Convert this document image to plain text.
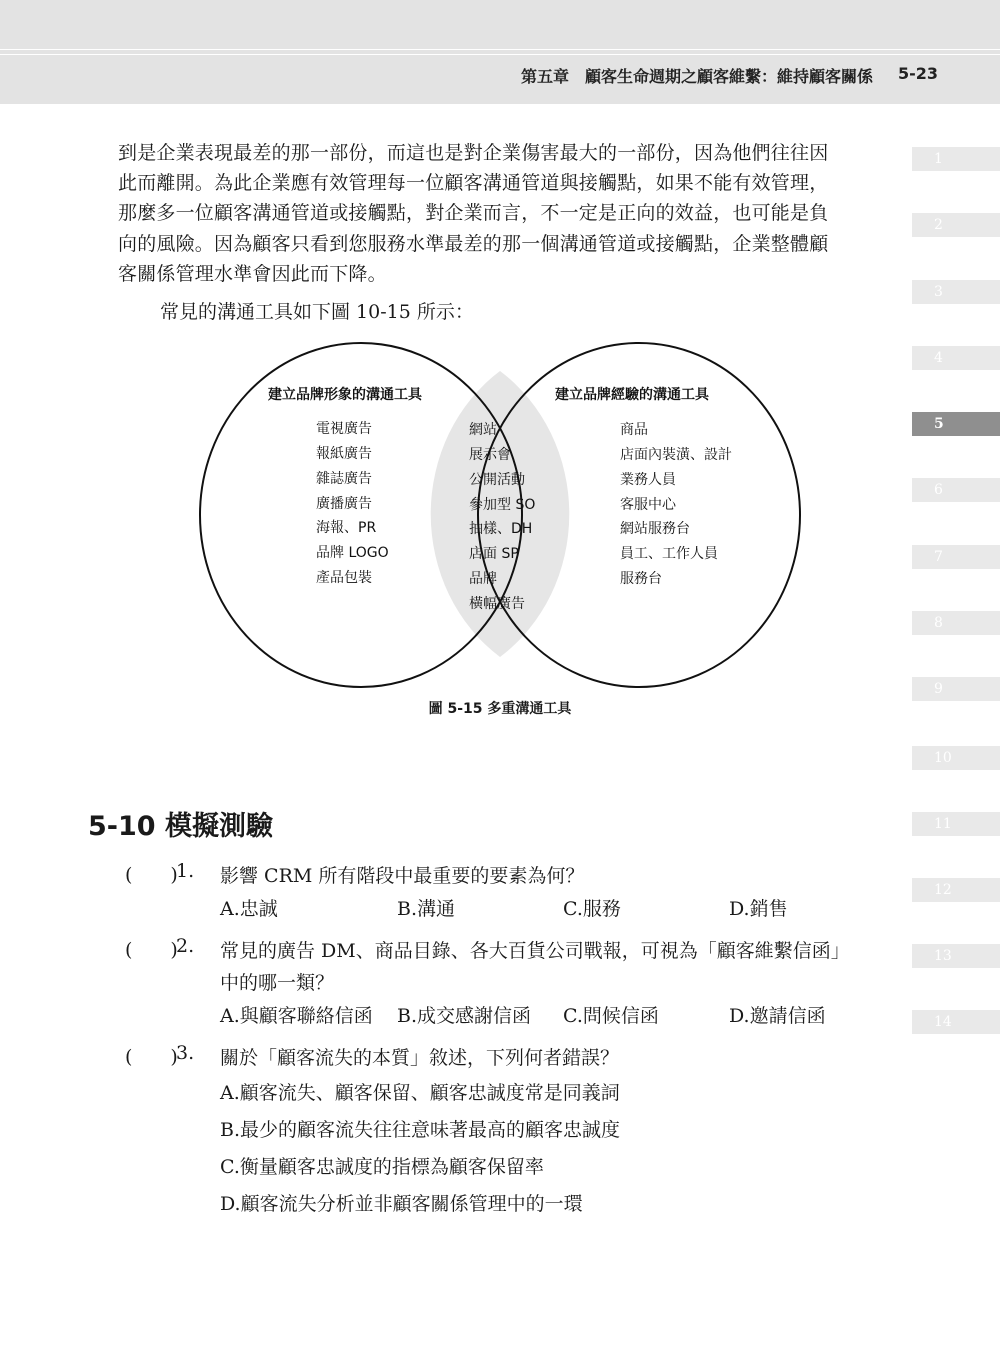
第五章　顧客生命週期之顧客維繫：維持顧客關係 5-23
1
2
3
4
5
6
7
8
9
10
11
12
13
14
到是企業表現最差的那一部份，而這也是對企業傷害最大的一部份，因為他們往往因
此而離開。為此企業應有效管理每一位顧客溝通管道與接觸點，如果不能有效管理，
那麼多一位顧客溝通管道或接觸點，對企業而言，不一定是正向的效益，也可能是負
向的風險。因為顧客只看到您服務水準最差的那一個溝通管道或接觸點，企業整體顧
客關係管理水準會因此而下降。
常見的溝通工具如下圖 10-15 所示：
建立品牌形象的溝通工具	建立品牌經驗的溝通工具
電視廣告
報紙廣告
雜誌廣告
廣播廣告
海報、PR
品牌 LOGO
產品包裝
網站
展示會
公開活動
參加型 SO
抽樣、DH
店面 SP
品牌
橫幅廣告
商品
店面內裝潢、設計
業務人員
客服中心
網站服務台
員工、工作人員
服務台
圖 5-15 多重溝通工具
5-10 模擬測驗
(　　)
1. 影響 CRM 所有階段中最重要的要素為何？
A.忠誠	B.溝通	C.服務	D.銷售
(　　)
2. 常見的廣告 DM、商品目錄、各大百貨公司戰報，可視為「顧客維繫信函」
中的哪一類？
A.與顧客聯絡信函 B.成交感謝信函 C.問候信函	D.邀請信函
(　　)
3. 關於「顧客流失的本質」敘述，下列何者錯誤？
A.顧客流失、顧客保留、顧客忠誠度常是同義詞
B.最少的顧客流失往往意味著最高的顧客忠誠度
C.衡量顧客忠誠度的指標為顧客保留率
D.顧客流失分析並非顧客關係管理中的一環
